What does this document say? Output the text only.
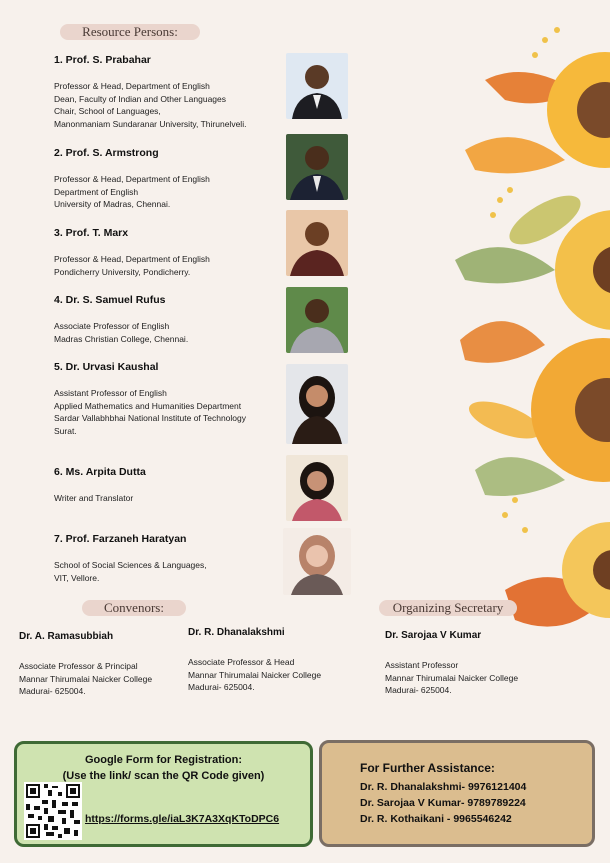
Resource Persons:
1. Prof. S. Prabahar
Professor & Head, Department of English
Dean, Faculty of Indian and Other Languages
Chair, School of Languages,
Manonmaniam Sundaranar University, Thirunelveli.
2. Prof. S. Armstrong
Professor & Head, Department of English
Department of English
University of Madras, Chennai.
3. Prof. T. Marx
Professor & Head, Department of English
Pondicherry University, Pondicherry.
4. Dr. S. Samuel Rufus
Associate Professor of English
Madras Christian College, Chennai.
5. Dr. Urvasi Kaushal
Assistant Professor of English
Applied Mathematics and Humanities Department
Sardar Vallabhbhai National Institute of Technology
Surat.
6. Ms. Arpita Dutta
Writer and Translator
7. Prof. Farzaneh Haratyan
School of Social Sciences & Languages,
VIT, Vellore.
Convenors:	Organizing Secretary
Dr. A. Ramasubbiah
Associate Professor & Principal
Mannar Thirumalai Naicker College
Madurai- 625004.
Dr. R. Dhanalakshmi
Associate Professor & Head
Mannar Thirumalai Naicker College
Madurai- 625004.
Dr. Sarojaa V Kumar
Assistant Professor
Mannar Thirumalai Naicker College
Madurai- 625004.
Google Form for Registration:
(Use the link/ scan the QR Code given)
https://forms.gle/iaL3K7A3XqKToDPC6
For Further Assistance:
Dr. R. Dhanalakshmi- 9976121404
Dr. Sarojaa V Kumar- 9789789224
Dr. R. Kothaikani - 9965546242
